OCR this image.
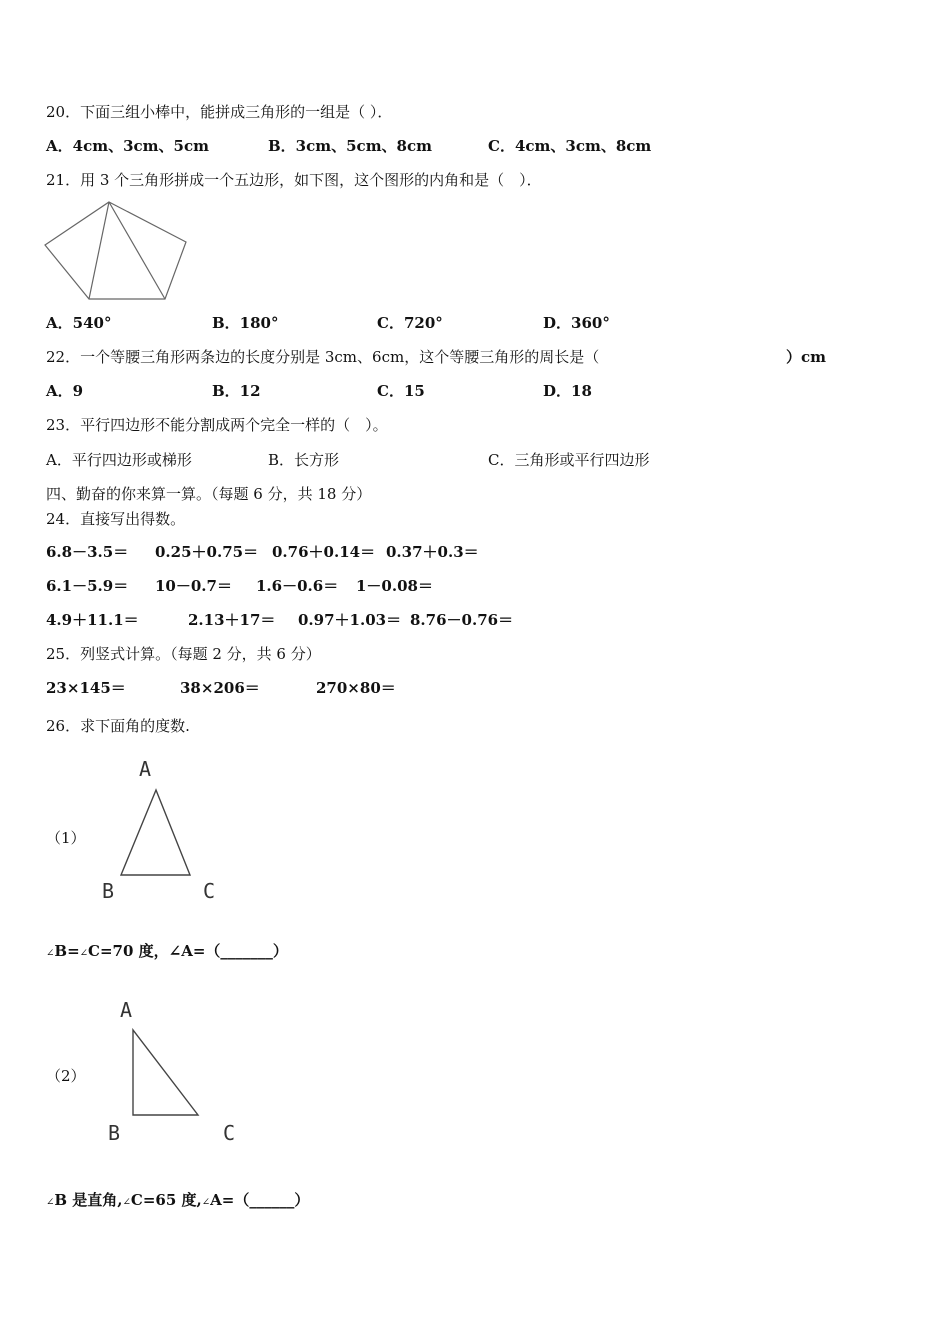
20．下面三组小棒中，能拼成三角形的一组是（ ）．
A．4cm、3cm、5cm	B．3cm、5cm、8cm	C．4cm、3cm、8cm
21．用 3 个三角形拼成一个五边形，如下图，这个图形的内角和是（　）．
A．540°	B．180°	C．720°	D．360°
22．一个等腰三角形两条边的长度分别是 3cm、6cm，这个等腰三角形的周长是（	）cm
A．9	B．12	C．15	D．18
23．平行四边形不能分割成两个完全一样的（　）。
A．平行四边形或梯形	B．长方形	C．三角形或平行四边形
四、勤奋的你来算一算。（每题 6 分，共 18 分）
24．直接写出得数。
6.8－3.5＝ 0.25＋0.75＝ 0.76＋0.14＝ 0.37＋0.3＝
6.1－5.9＝ 10－0.7＝ 1.6－0.6＝ 1－0.08＝
4.9＋11.1＝	2.13＋17＝ 0.97＋1.03＝ 8.76－0.76＝
25．列竖式计算。（每题 2 分，共 6 分）
23×145＝	38×206＝	270×80＝
26．求下面角的度数.
（1）
A
B	C
∠B=∠C=70 度，∠A=（_______）
（2）
A
B	C
∠B 是直角,∠C=65 度,∠A=（______）
